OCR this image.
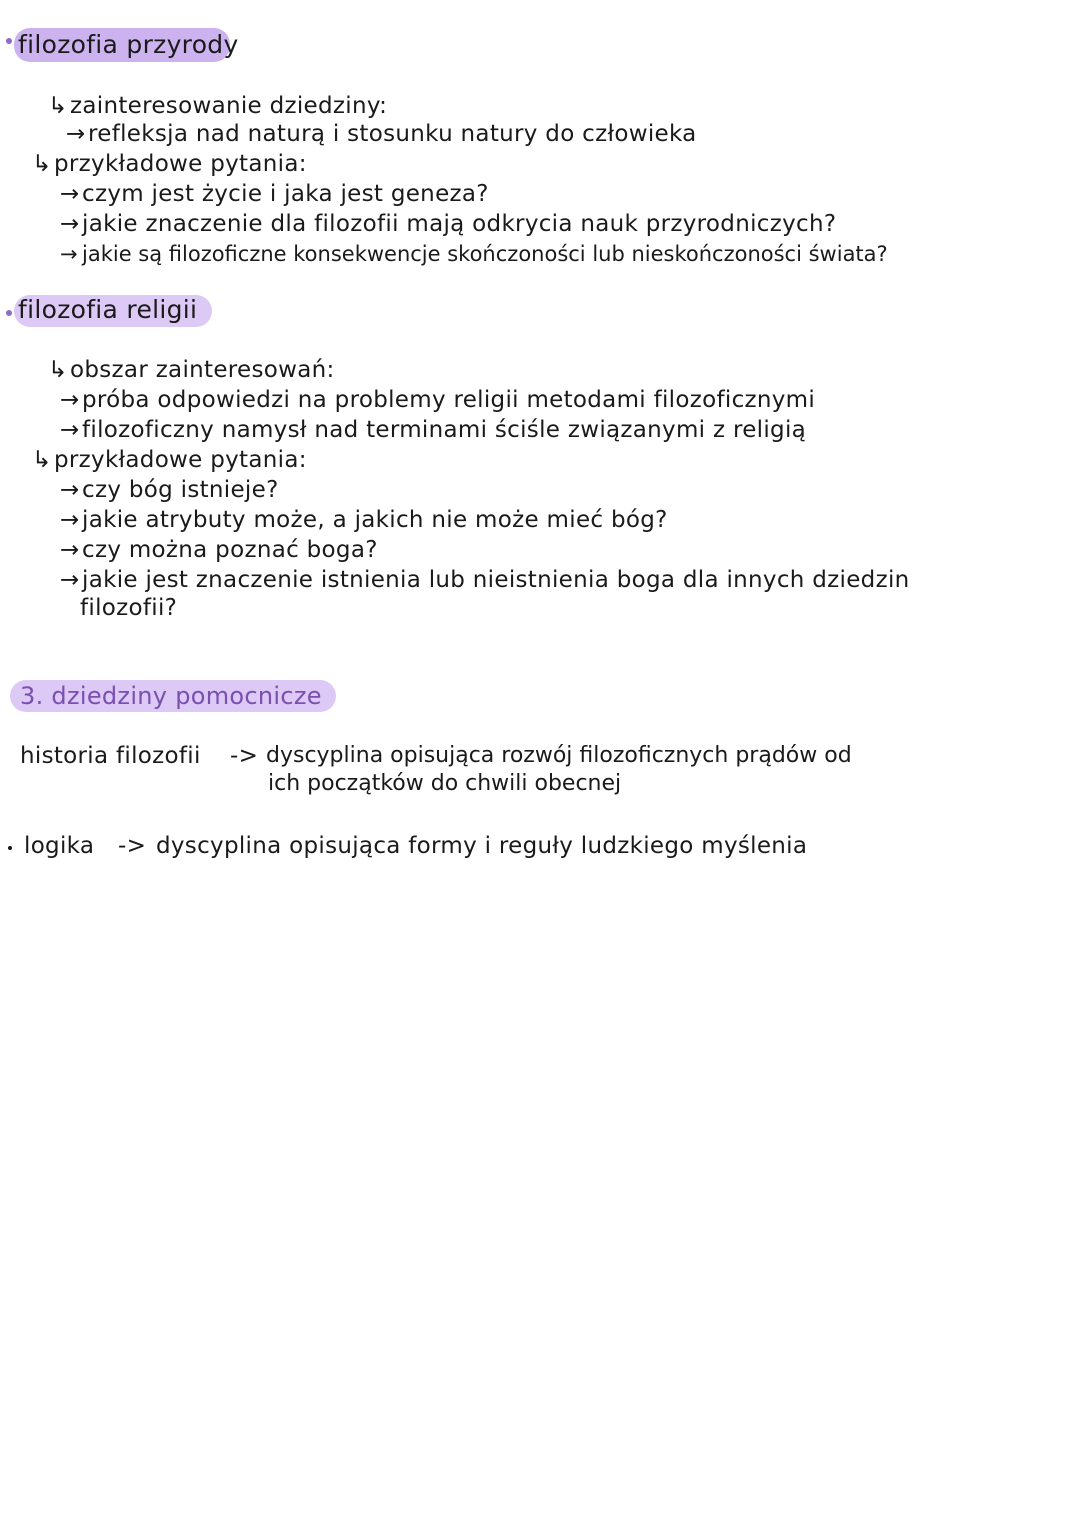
filozofia przyrody
↳ zainteresowanie dziedziny:
→ refleksja nad naturą i stosunku natury do człowieka
↳ przykładowe pytania:
→ czym jest życie i jaka jest geneza?
→ jakie znaczenie dla filozofii mają odkrycia nauk przyrodniczych?
→ jakie są filozoficzne konsekwencje skończoności lub nieskończoności świata?
filozofia religii
↳ obszar zainteresowań:
→ próba odpowiedzi na problemy religii metodami filozoficznymi
→ filozoficzny namysł nad terminami ściśle związanymi z religią
↳ przykładowe pytania:
→ czy bóg istnieje?
→ jakie atrybuty może, a jakich nie może mieć bóg?
→ czy można poznać boga?
→ jakie jest znaczenie istnienia lub nieistnienia boga dla innych dziedzin
filozofii?
3. dziedziny pomocnicze
historia filozofii -> dyscyplina opisująca rozwój filozoficznych prądów od
ich początków do chwili obecnej
logika -> dyscyplina opisująca formy i reguły ludzkiego myślenia
